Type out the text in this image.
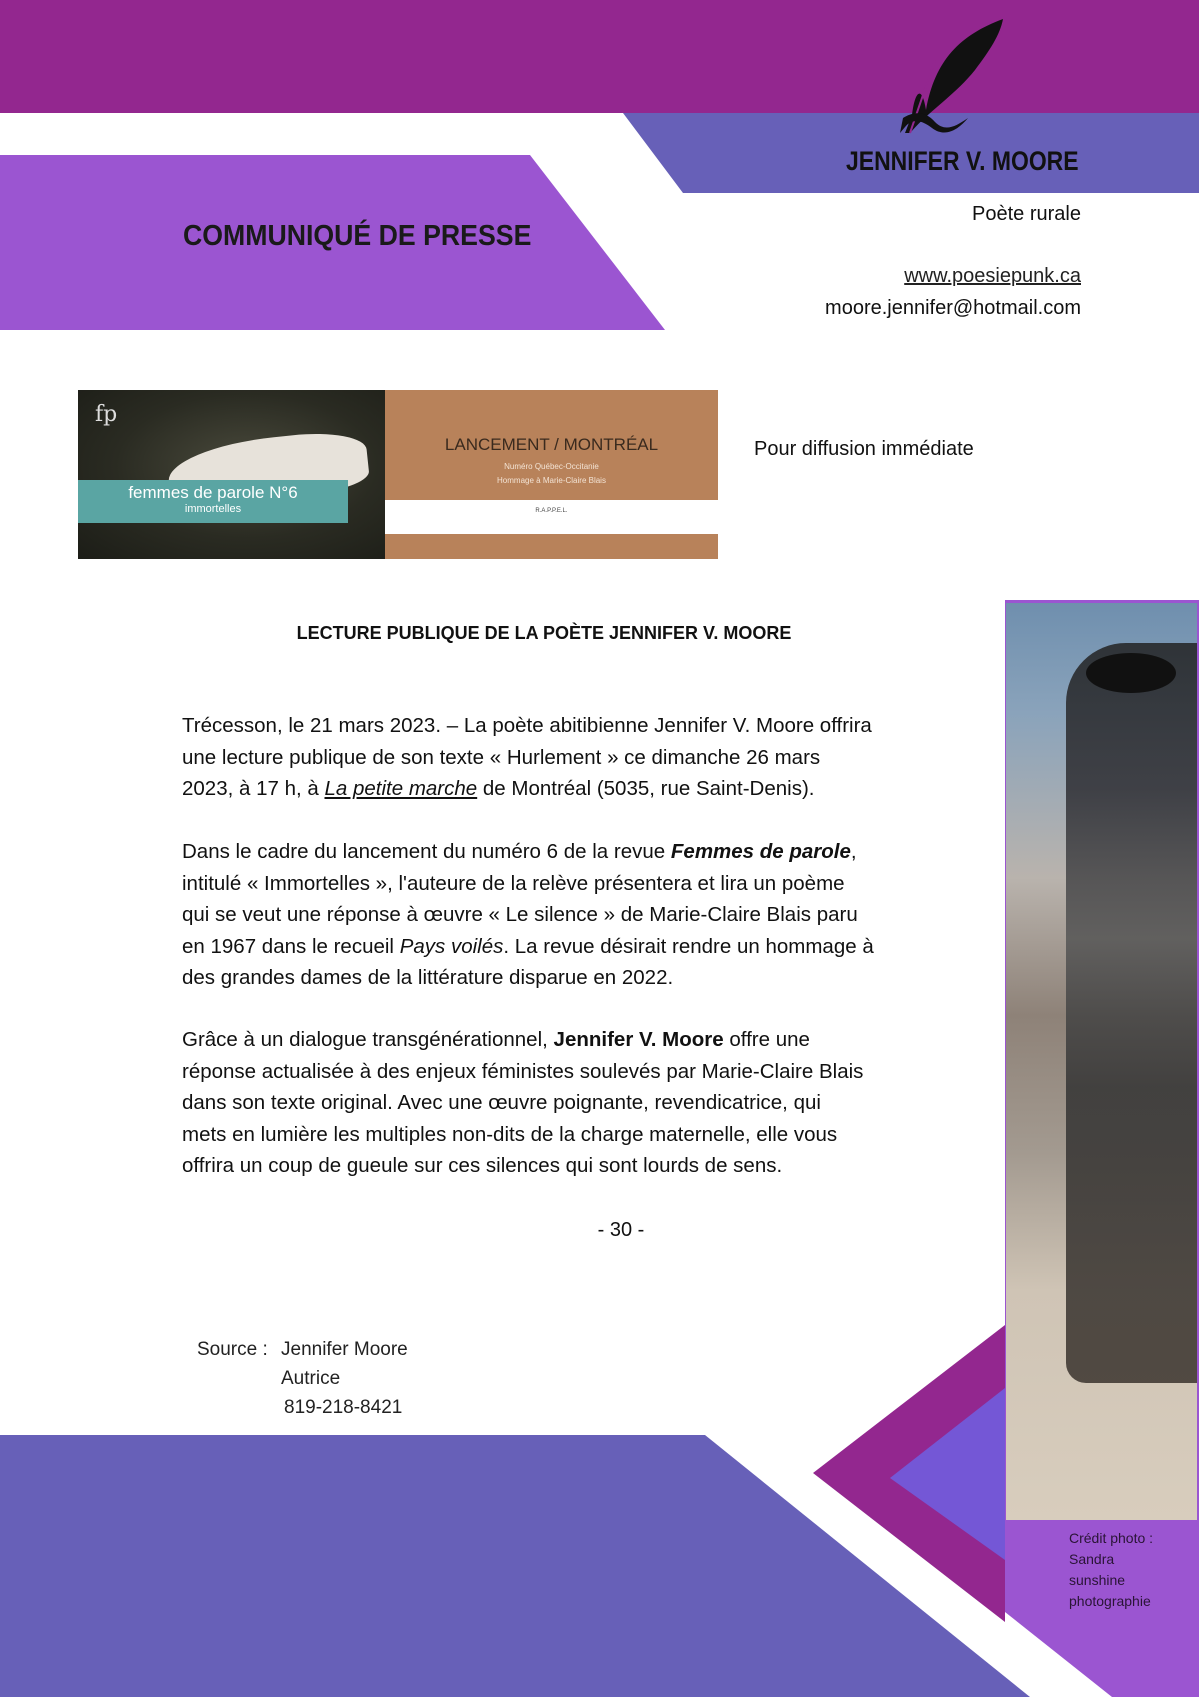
JENNIFER V. MOORE
COMMUNIQUÉ DE PRESSE
Poète rurale
www.poesiepunk.ca
moore.jennifer@hotmail.com
fp
femmes de parole N°6
immortelles
LANCEMENT / MONTRÉAL
Numéro Québec-Occitanie
Hommage à Marie-Claire Blais
R.A.P.P.E.L.
Pour diffusion immédiate
LECTURE PUBLIQUE DE LA POÈTE JENNIFER V. MOORE
Trécesson, le 21 mars 2023. – La poète abitibienne Jennifer V. Moore offrira
une lecture publique de son texte « Hurlement » ce dimanche 26 mars
2023, à 17 h, à La petite marche de Montréal (5035, rue Saint-Denis).
Dans le cadre du lancement du numéro 6 de la revue Femmes de parole,
intitulé « Immortelles », l'auteure de la relève présentera et lira un poème
qui se veut une réponse à œuvre « Le silence » de Marie-Claire Blais paru
en 1967 dans le recueil Pays voilés. La revue désirait rendre un hommage à
des grandes dames de la littérature disparue en 2022.
Grâce à un dialogue transgénérationnel, Jennifer V. Moore offre une
réponse actualisée à des enjeux féministes soulevés par Marie-Claire Blais
dans son texte original. Avec une œuvre poignante, revendicatrice, qui
mets en lumière les multiples non-dits de la charge maternelle, elle vous
offrira un coup de gueule sur ces silences qui sont lourds de sens.
- 30 -
Source : Jennifer Moore
Autrice
819-218-8421
Crédit photo :
Sandra
sunshine
photographie
